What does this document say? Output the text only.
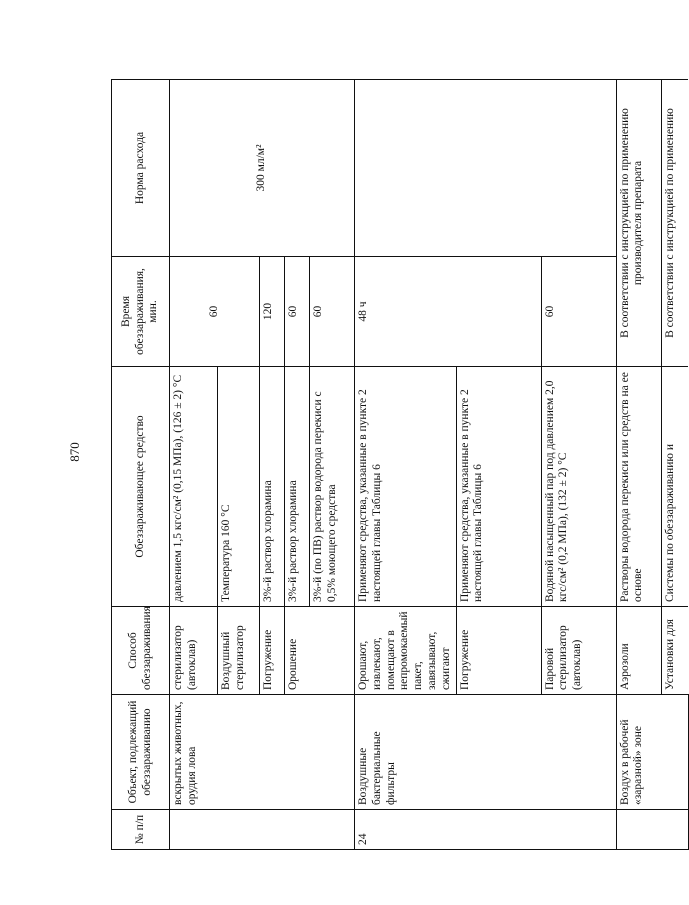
870
№ п/п	Объект, подлежащий обеззараживанию	Способ обеззараживания	Обеззараживающее средство	Время обеззараживания, мин.	Норма расхода
	вскрытых животных, орудия лова	стерилизатор (автоклав)	давлением 1,5 кгс/см² (0,15 МПа), (126 ± 2) °С	60	300 мл/м²
		Воздушный стерилизатор	Температура 160 °С		
		Погружение	3%-й раствор хлорамина	120	
		Орошение	3%-й раствор хлорамина	60	
			3%-й (по ПВ) раствор водорода перекиси с 0,5% моющего средства	60	
24	Воздушные бактериальные фильтры	Орошают, извлекают, помещают в непромокаемый пакет, завязывают, сжигают	Применяют средства, указанные в пункте 2 настоящей главы Таблицы 6	48 ч	
		Погружение	Применяют средства, указанные в пункте 2 настоящей главы Таблицы 6		
		Паровой стерилизатор (автоклав)	Водяной насыщенный пар под давлением 2,0 кгс/см² (0,2 МПа), (132 ± 2) °С	60	
	Воздух в рабочей «заразной» зоне	Аэрозоли	Растворы водорода перекиси или средств на ее основе	В соответствии с инструкцией по применению производителя препарата	
		Установки для	Системы по обеззараживанию и	В соответствии с инструкцией по применению	
